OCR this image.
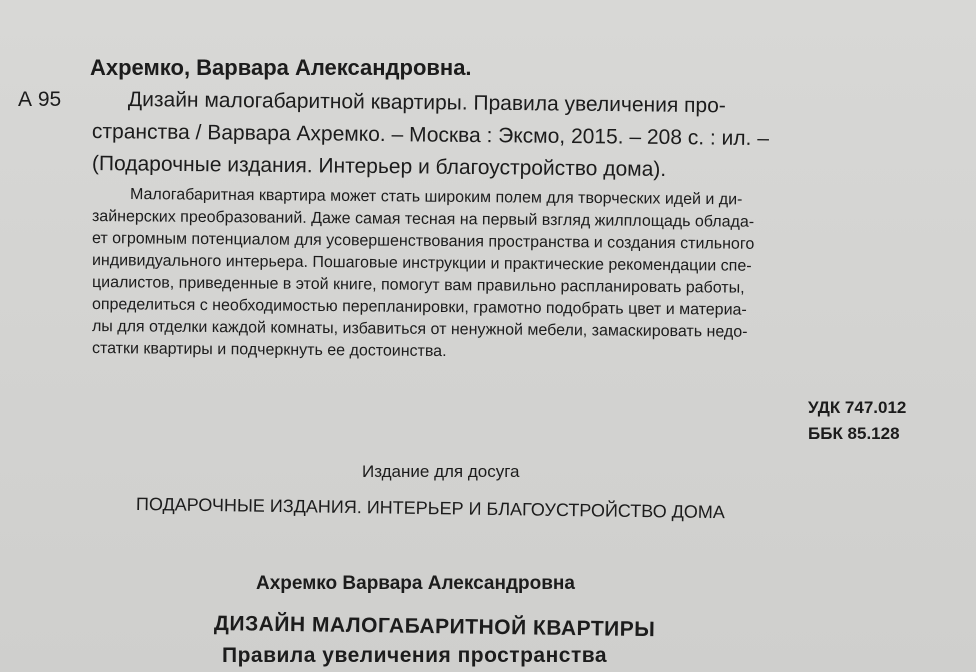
Ахремко, Варвара Александровна.
А 95	Дизайн малогабаритной квартиры. Правила увеличения про-
странства / Варвара Ахремко. – Москва : Эксмо, 2015. – 208 с. : ил. –
(Подарочные издания. Интерьер и благоустройство дома).
Малогабаритная квартира может стать широким полем для творческих идей и ди-
зайнерских преобразований. Даже самая тесная на первый взгляд жилплощадь облада-
ет огромным потенциалом для усовершенствования пространства и создания стильного
индивидуального интерьера. Пошаговые инструкции и практические рекомендации спе-
циалистов, приведенные в этой книге, помогут вам правильно распланировать работы,
определиться с необходимостью перепланировки, грамотно подобрать цвет и материа-
лы для отделки каждой комнаты, избавиться от ненужной мебели, замаскировать недо-
статки квартиры и подчеркнуть ее достоинства.
УДК 747.012
ББК 85.128
Издание для досуга
ПОДАРОЧНЫЕ ИЗДАНИЯ. ИНТЕРЬЕР И БЛАГОУСТРОЙСТВО ДОМА
Ахремко Варвара Александровна
ДИЗАЙН МАЛОГАБАРИТНОЙ КВАРТИРЫ
Правила увеличения пространства
